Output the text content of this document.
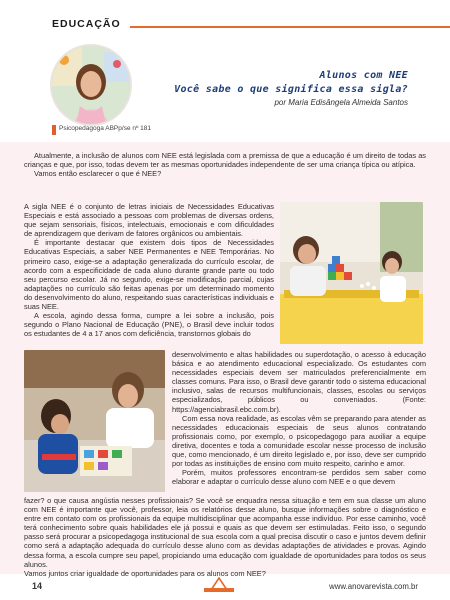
EDUCAÇÃO
Psicopedagoga ABPp/se nº 181
Alunos com NEE
Você sabe o que significa essa sigla?
por Maria Edisângela Almeida Santos

Atualmente, a inclusão de alunos com NEE está legislada com a premissa de que a educação é um direito de todas as crianças e que, por isso, todas devem ter as mesmas oportunidades independente de ser uma criança típica ou atípica.

Vamos então esclarecer o que é NEE?

A sigla NEE é o conjunto de letras iniciais de Necessidades Educativas Especiais e está associado a pessoas com problemas de diversas ordens, que sejam sensoriais, físicos, intelectuais, emocionais e com dificuldades de aprendizagem que derivam de fatores orgânicos ou ambientais.

É importante destacar que existem dois tipos de Necessidades Educativas Especiais, a saber NEE Permanentes e NEE Temporárias. No primeiro caso, exige-se a adaptação generalizada do currículo escolar, de acordo com a especificidade de cada aluno durante grande parte ou todo seu percurso escolar. Já no segundo, exige-se modificação parcial, cujas adaptações no currículo são feitas apenas por um determinado momento do desenvolvimento do aluno, respeitando suas características individuais e suas NEE.

A escola, agindo dessa forma, cumpre a lei sobre a inclusão, pois segundo o Plano Nacional de Educação (PNE), o Brasil deve incluir todos os estudantes de 4 a 17 anos com deficiência, transtornos globais do

desenvolvimento e altas habilidades ou superdotação, o acesso à educação básica e ao atendimento educacional especializado. Os estudantes com necessidades especiais devem ser matriculados preferencialmente em classes comuns. Para isso, o Brasil deve garantir todo o sistema educacional inclusivo, salas de recursos multifuncionais, classes, escolas ou serviços especializados, públicos ou conveniados. (Fonte: https://agenciabrasil.ebc.com.br).

Com essa nova realidade, as escolas vêm se preparando para atender as necessidades educacionais especiais de seus alunos contratando profissionais como, por exemplo, o psicopedagogo para auxiliar a equipe diretiva, docentes e toda a comunidade escolar nesse processo de inclusão que, como mencionado, é um direito legislado e, por isso, deve ser cumprido por todas as instituições de ensino com muito respeito, carinho e amor.

Porém, muitos professores encontram-se perdidos sem saber como elaborar e adaptar o currículo desse aluno com NEE e o que devem

fazer? o que causa angústia nesses profissionais? Se você se enquadra nessa situação e tem em sua classe um aluno com NEE é importante que você, professor, leia os relatórios desse aluno, busque informações sobre o diagnóstico e entre em contato com os profissionais da equipe multidisciplinar que acompanha esse indivíduo. Por esse caminho, você terá conhecimento sobre quais habilidades ele já possui e quais as que devem ser estimuladas. Feito isso, o segundo passo será procurar a psicopedagoga institucional de sua escola com a qual precisa discutir o caso e juntos devem definir como será a adaptação adequada do currículo desse aluno com as devidas adaptações de atividades e provas. Agindo dessa forma, a escola cumpre seu papel, propiciando uma educação com igualdade de oportunidades para todos os seus alunos.

Vamos juntos criar igualdade de oportunidades para os alunos com NEE?

14	www.anovarevista.com.br
